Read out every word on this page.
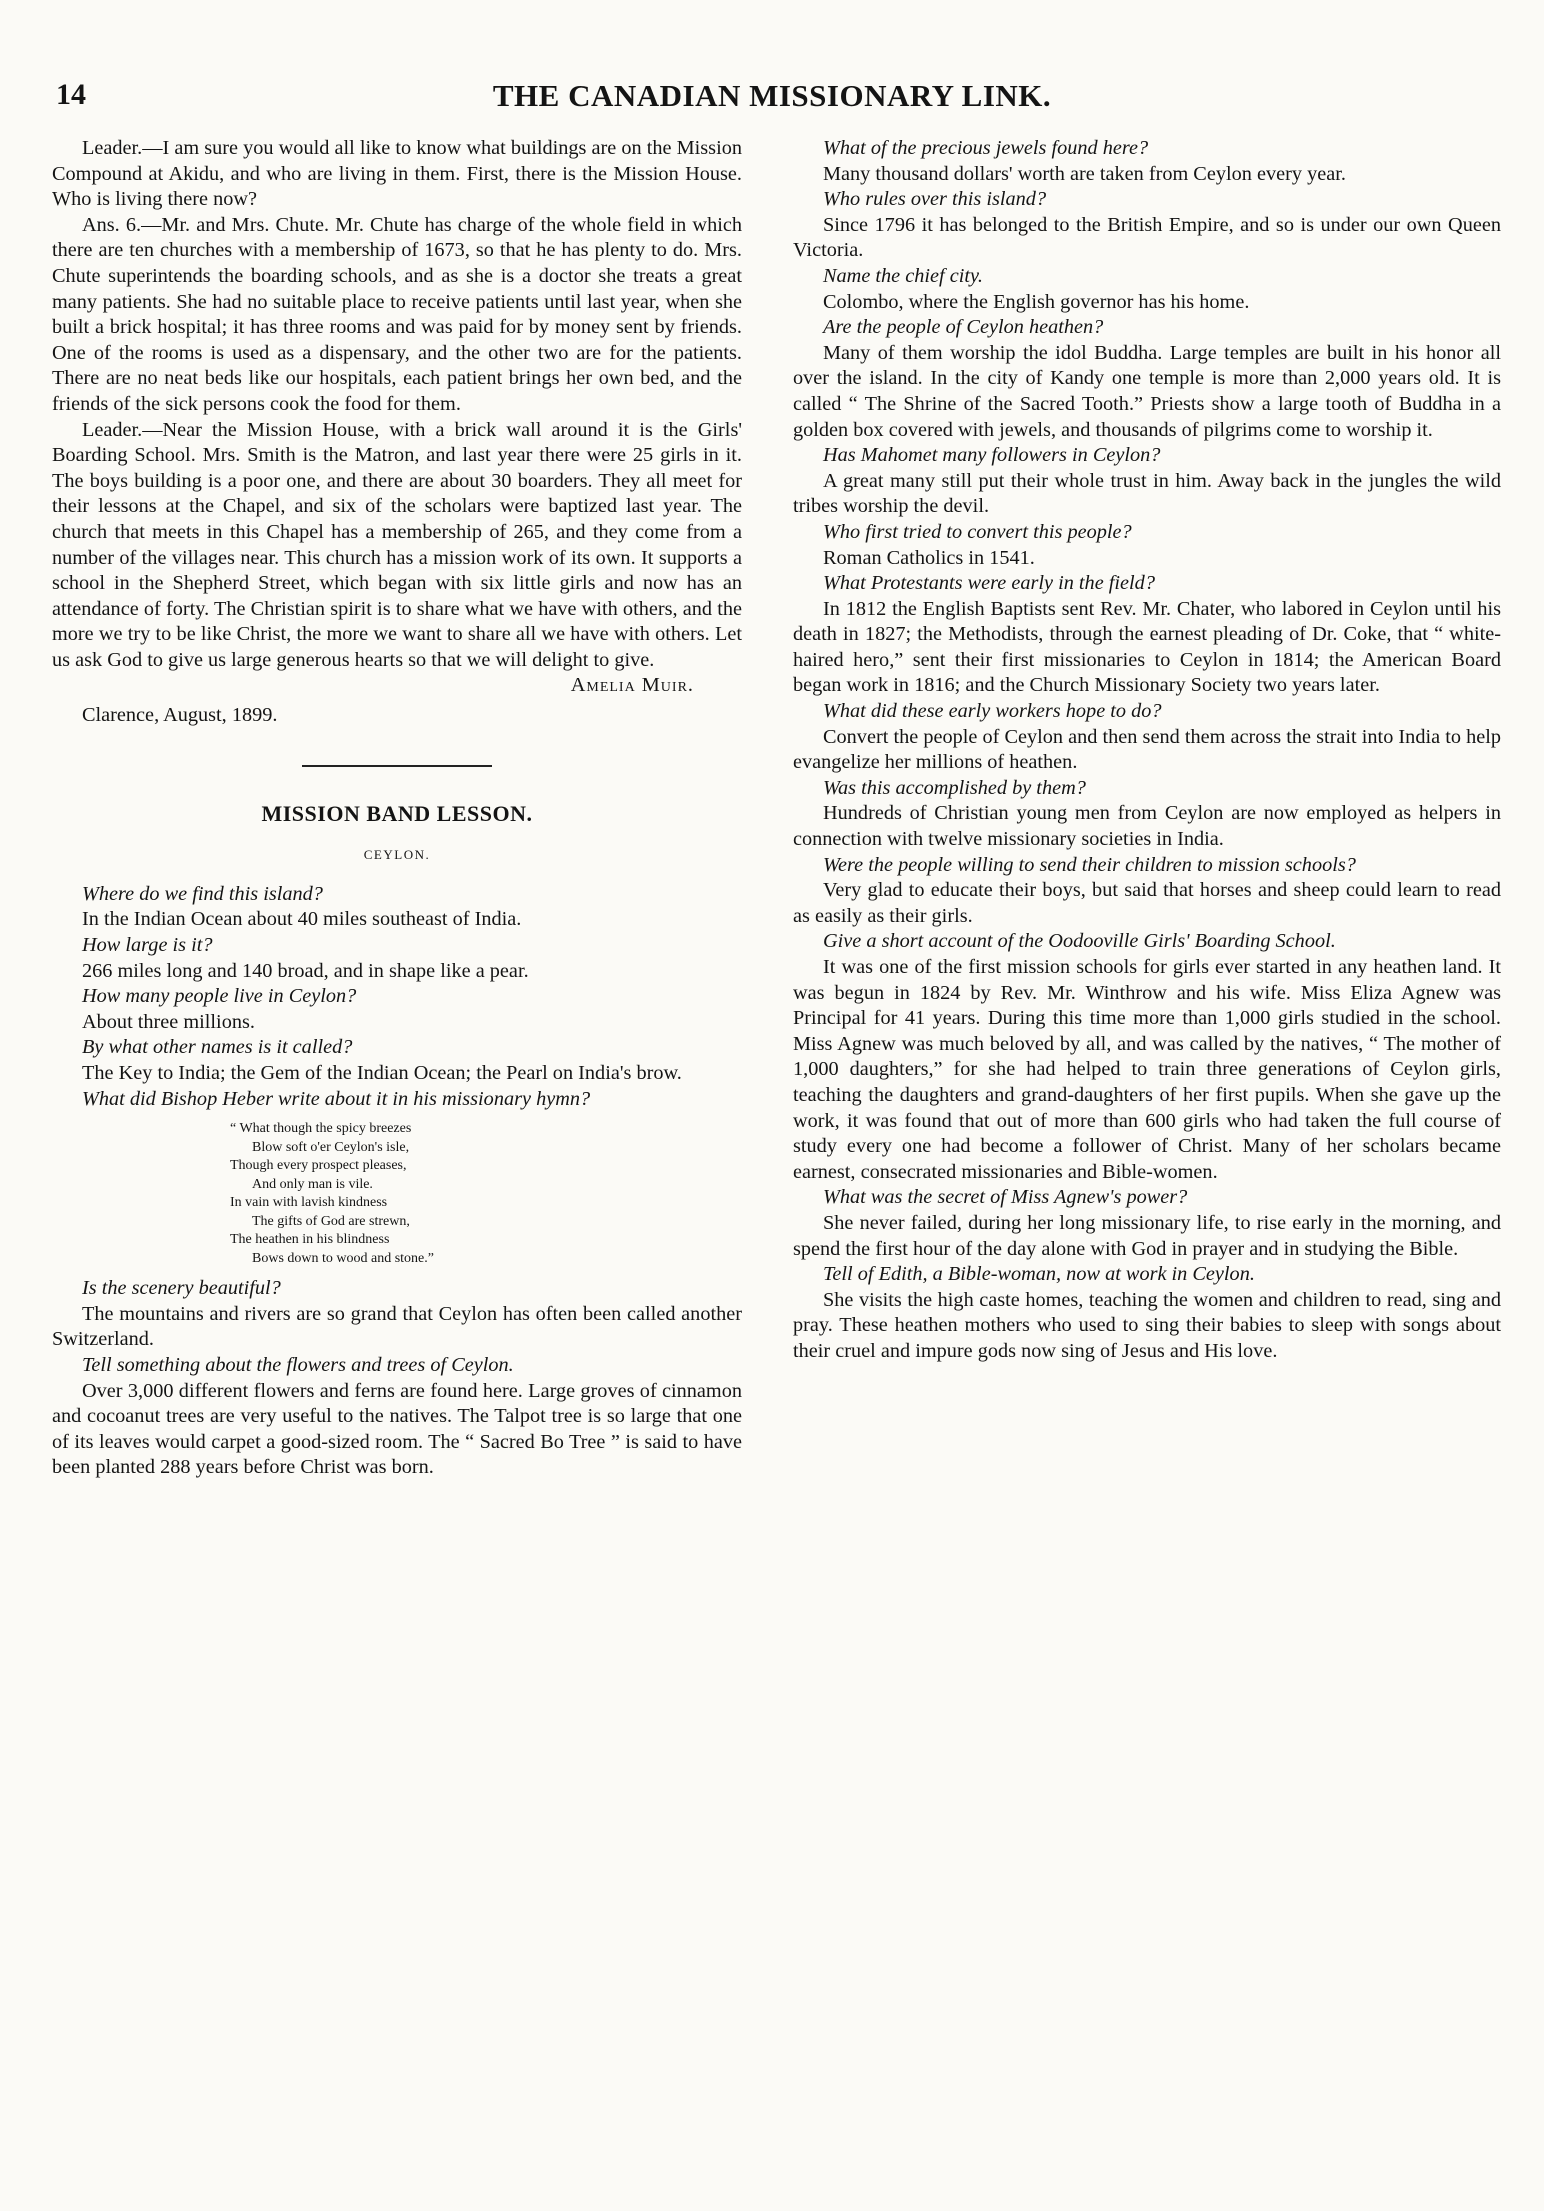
14	THE CANADIAN MISSIONARY LINK.

Leader.—I am sure you would all like to know what buildings are on the Mission Compound at Akidu, and who are living in them. First, there is the Mission House. Who is living there now?

Ans. 6.—Mr. and Mrs. Chute. Mr. Chute has charge of the whole field in which there are ten churches with a membership of 1673, so that he has plenty to do. Mrs. Chute superintends the boarding schools, and as she is a doctor she treats a great many patients. She had no suitable place to receive patients until last year, when she built a brick hospital; it has three rooms and was paid for by money sent by friends. One of the rooms is used as a dispensary, and the other two are for the patients. There are no neat beds like our hospitals, each patient brings her own bed, and the friends of the sick persons cook the food for them.

Leader.—Near the Mission House, with a brick wall around it is the Girls' Boarding School. Mrs. Smith is the Matron, and last year there were 25 girls in it. The boys building is a poor one, and there are about 30 boarders. They all meet for their lessons at the Chapel, and six of the scholars were baptized last year. The church that meets in this Chapel has a membership of 265, and they come from a number of the villages near. This church has a mission work of its own. It supports a school in the Shepherd Street, which began with six little girls and now has an attendance of forty. The Christian spirit is to share what we have with others, and the more we try to be like Christ, the more we want to share all we have with others. Let us ask God to give us large generous hearts so that we will delight to give.

Amelia Muir.

Clarence, August, 1899.

MISSION BAND LESSON.

CEYLON.

Where do we find this island?

In the Indian Ocean about 40 miles southeast of India.

How large is it?

266 miles long and 140 broad, and in shape like a pear.

How many people live in Ceylon?

About three millions.

By what other names is it called?

The Key to India; the Gem of the Indian Ocean; the Pearl on India's brow.

What did Bishop Heber write about it in his missionary hymn?

“ What though the spicy breezes
Blow soft o'er Ceylon's isle,
Though every prospect pleases,
And only man is vile.
In vain with lavish kindness
The gifts of God are strewn,
The heathen in his blindness
Bows down to wood and stone.”

Is the scenery beautiful?

The mountains and rivers are so grand that Ceylon has often been called another Switzerland.

Tell something about the flowers and trees of Ceylon.

Over 3,000 different flowers and ferns are found here. Large groves of cinnamon and cocoanut trees are very useful to the natives. The Talpot tree is so large that one of its leaves would carpet a good-sized room. The “ Sacred Bo Tree ” is said to have been planted 288 years before Christ was born.

What of the precious jewels found here?

Many thousand dollars' worth are taken from Ceylon every year.

Who rules over this island?

Since 1796 it has belonged to the British Empire, and so is under our own Queen Victoria.

Name the chief city.

Colombo, where the English governor has his home.

Are the people of Ceylon heathen?

Many of them worship the idol Buddha. Large temples are built in his honor all over the island. In the city of Kandy one temple is more than 2,000 years old. It is called “ The Shrine of the Sacred Tooth.” Priests show a large tooth of Buddha in a golden box covered with jewels, and thousands of pilgrims come to worship it.

Has Mahomet many followers in Ceylon?

A great many still put their whole trust in him. Away back in the jungles the wild tribes worship the devil.

Who first tried to convert this people?

Roman Catholics in 1541.

What Protestants were early in the field?

In 1812 the English Baptists sent Rev. Mr. Chater, who labored in Ceylon until his death in 1827; the Methodists, through the earnest pleading of Dr. Coke, that “ white-haired hero,” sent their first missionaries to Ceylon in 1814; the American Board began work in 1816; and the Church Missionary Society two years later.

What did these early workers hope to do?

Convert the people of Ceylon and then send them across the strait into India to help evangelize her millions of heathen.

Was this accomplished by them?

Hundreds of Christian young men from Ceylon are now employed as helpers in connection with twelve missionary societies in India.

Were the people willing to send their children to mission schools?

Very glad to educate their boys, but said that horses and sheep could learn to read as easily as their girls.

Give a short account of the Oodooville Girls' Boarding School.

It was one of the first mission schools for girls ever started in any heathen land. It was begun in 1824 by Rev. Mr. Winthrow and his wife. Miss Eliza Agnew was Principal for 41 years. During this time more than 1,000 girls studied in the school. Miss Agnew was much beloved by all, and was called by the natives, “ The mother of 1,000 daughters,” for she had helped to train three generations of Ceylon girls, teaching the daughters and grand-daughters of her first pupils. When she gave up the work, it was found that out of more than 600 girls who had taken the full course of study every one had become a follower of Christ. Many of her scholars became earnest, consecrated missionaries and Bible-women.

What was the secret of Miss Agnew's power?

She never failed, during her long missionary life, to rise early in the morning, and spend the first hour of the day alone with God in prayer and in studying the Bible.

Tell of Edith, a Bible-woman, now at work in Ceylon.

She visits the high caste homes, teaching the women and children to read, sing and pray. These heathen mothers who used to sing their babies to sleep with songs about their cruel and impure gods now sing of Jesus and His love.
